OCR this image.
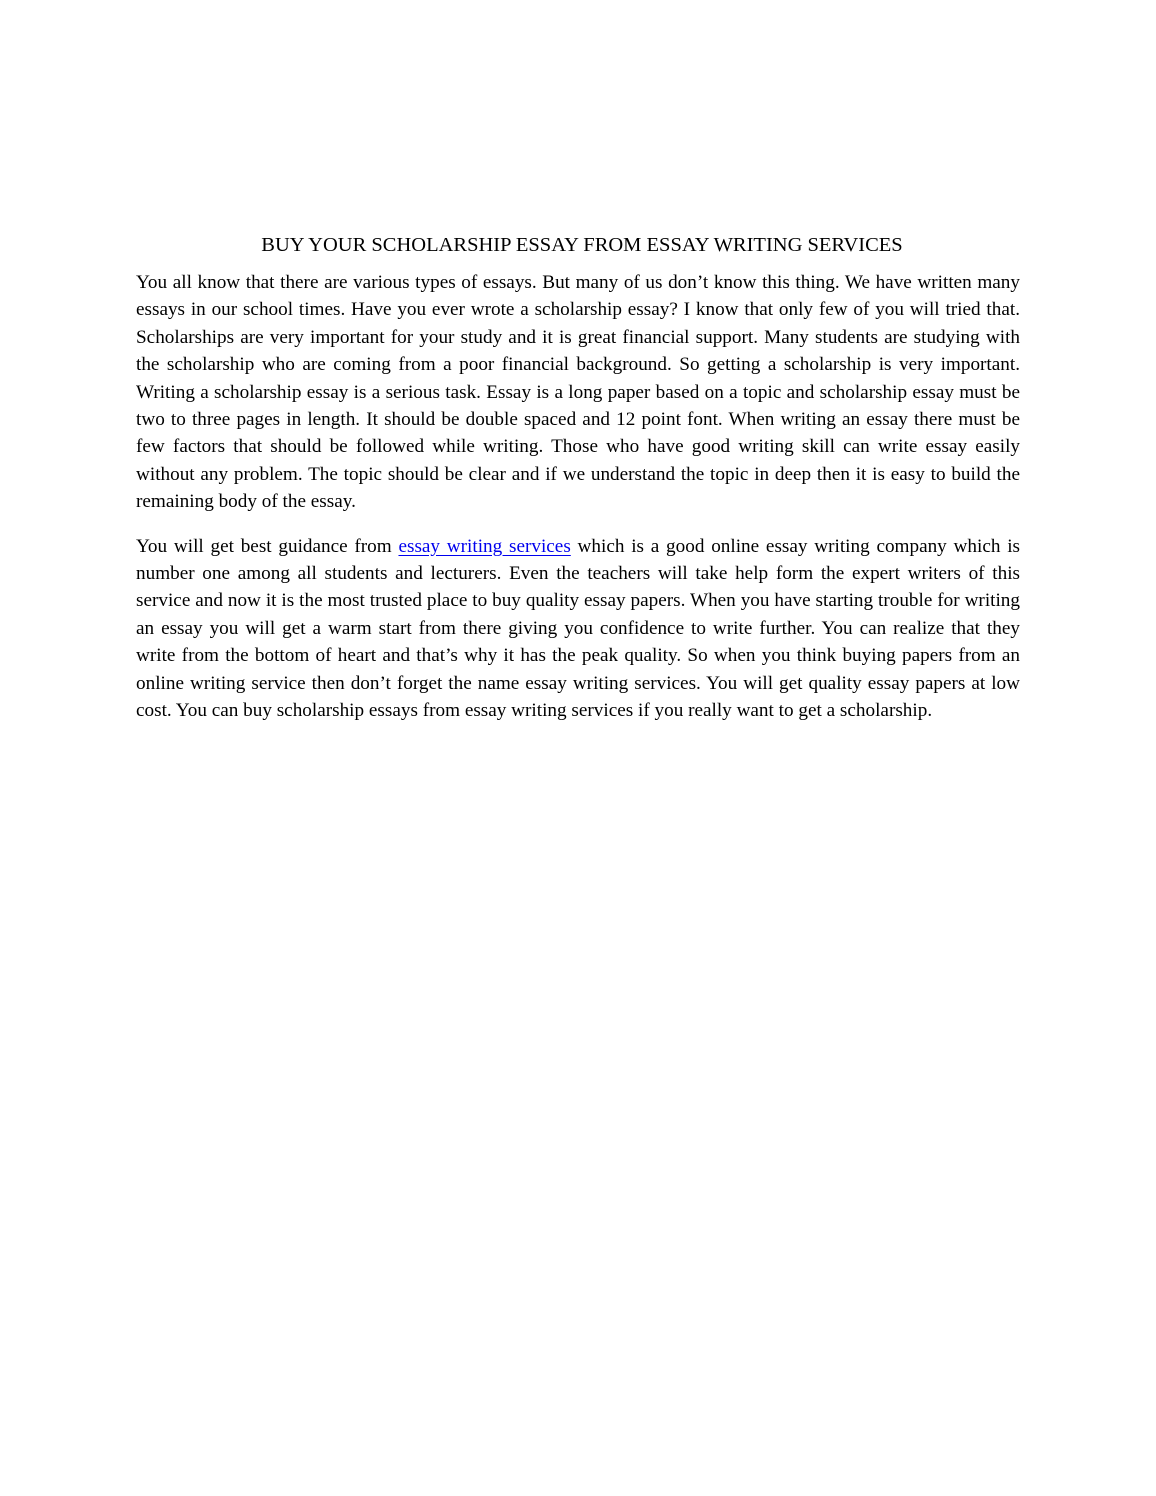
BUY YOUR SCHOLARSHIP ESSAY FROM ESSAY WRITING SERVICES

You all know that there are various types of essays. But many of us don’t know this thing. We have written many essays in our school times. Have you ever wrote a scholarship essay? I know that only few of you will tried that.  Scholarships are very important for your study and it is great financial support. Many students are studying with the scholarship who are coming from a poor financial background. So getting a scholarship is very important. Writing a scholarship essay is a serious task. Essay is a long paper based on a topic and scholarship essay must be two to three pages in length. It should be double spaced and 12 point font. When writing an essay there must be few factors that should be followed while writing. Those who have good writing skill can write essay easily without any problem. The topic should be clear and if we understand the topic in deep then it is easy to build the remaining body of the essay.

You will get best guidance from essay writing services which is a good online essay writing company which is number one among all students and lecturers. Even the teachers will take help form the expert writers of this service and now it is the most trusted place to buy quality essay papers. When you have starting trouble for writing an essay you will get a warm start from there giving you confidence to write further. You can realize that they write from the bottom of heart and that’s why it has the peak quality. So when you think buying papers from an online writing service then don’t forget the name essay writing services. You will get quality essay papers at low cost. You can buy scholarship essays from essay writing services if you really want to get a scholarship.
